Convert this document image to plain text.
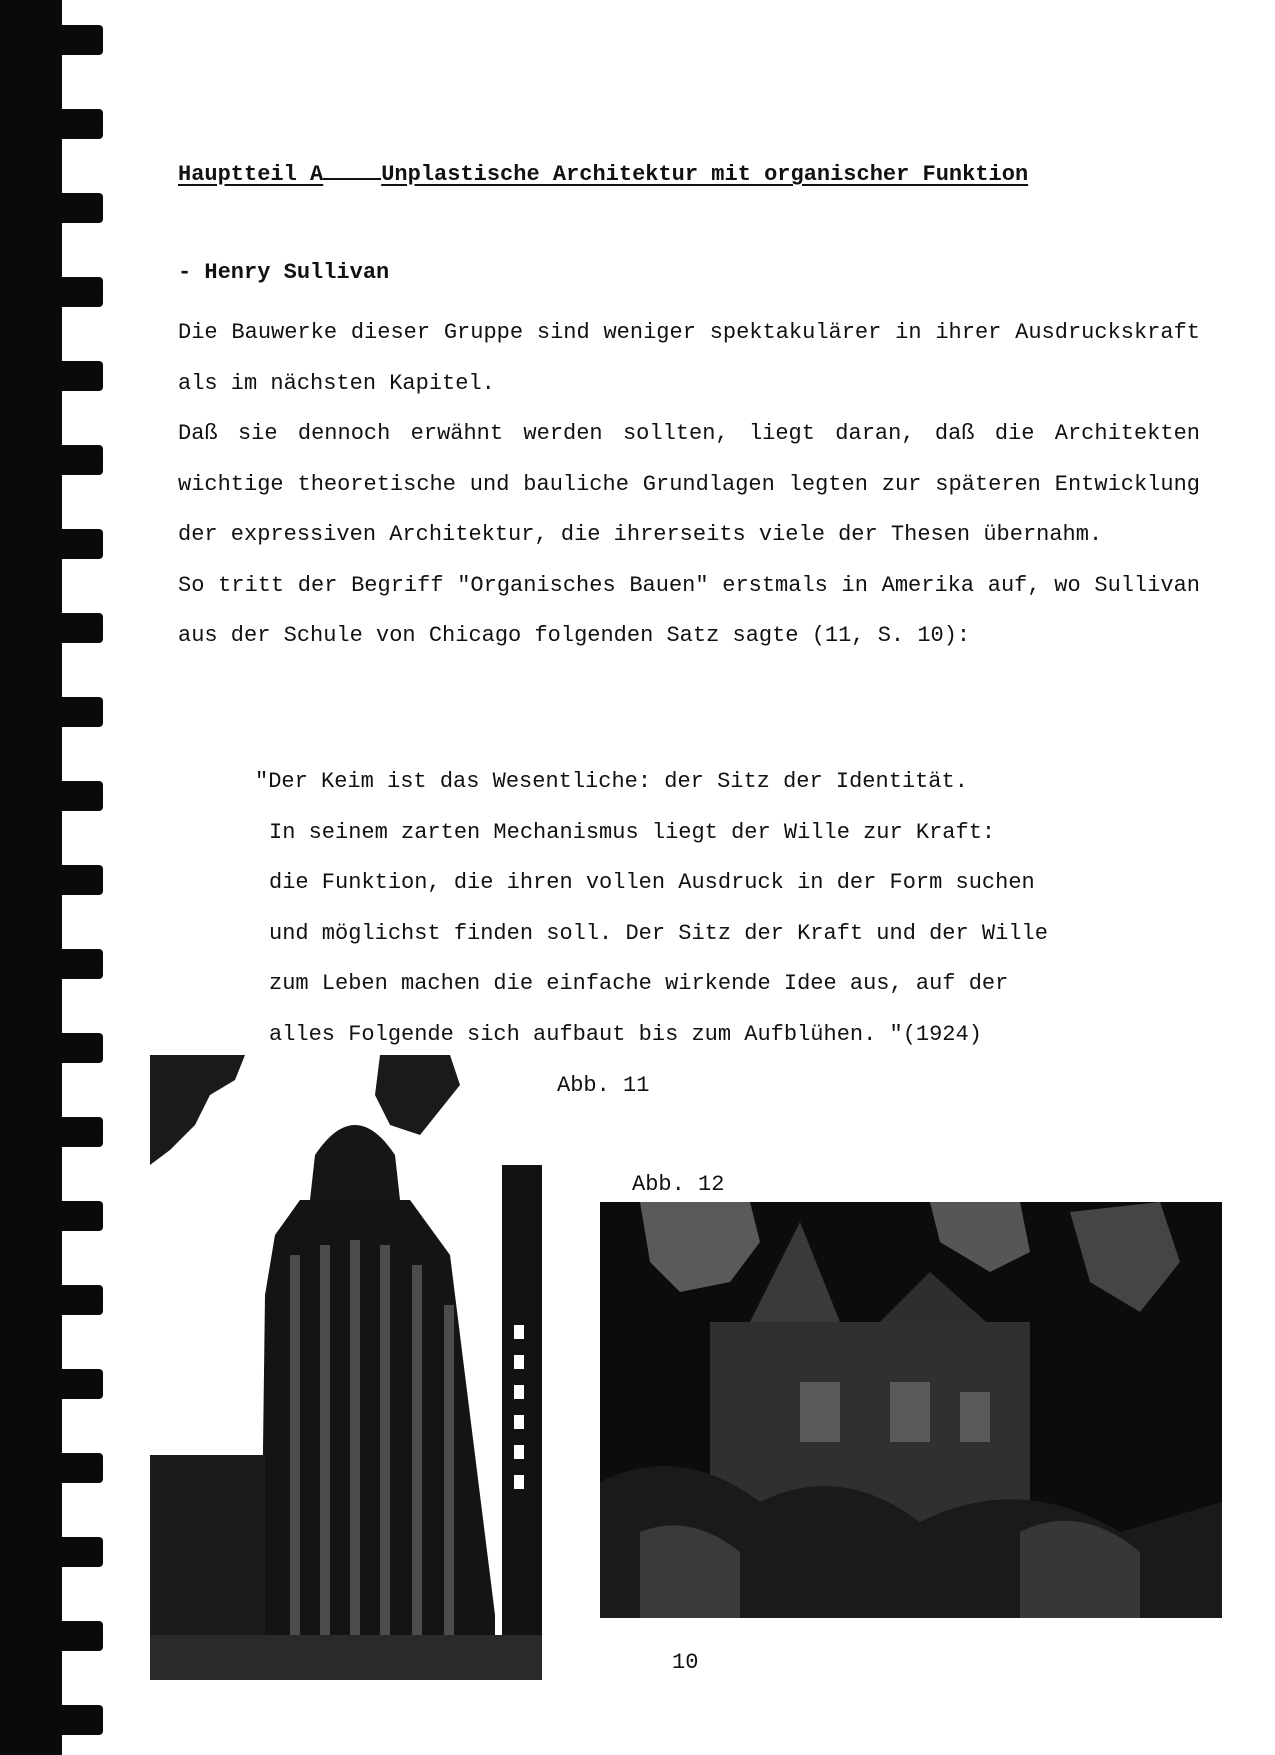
Hauptteil A	Unplastische Architektur mit organischer Funktion
- Henry Sullivan

Die Bauwerke dieser Gruppe sind weniger spektakulärer in ihrer Ausdruckskraft als im nächsten Kapitel.

Daß sie dennoch erwähnt werden sollten, liegt daran, daß die Architekten wichtige theoretische und bauliche Grundlagen legten zur späteren Entwicklung der expressiven Architektur, die ihrerseits viele der Thesen übernahm.

So tritt der Begriff "Organisches Bauen" erstmals in Amerika auf, wo Sullivan aus der Schule von Chicago folgenden Satz sagte (11, S. 10):

"Der Keim ist das Wesentliche: der Sitz der Identität.
In seinem zarten Mechanismus liegt der Wille zur Kraft:
die Funktion, die ihren vollen Ausdruck in der Form suchen
und möglichst finden soll. Der Sitz der Kraft und der Wille
zum Leben machen die einfache wirkende Idee aus, auf der
alles Folgende sich aufbaut bis zum Aufblühen. "(1924)
Abb. 11
Abb. 12
10
